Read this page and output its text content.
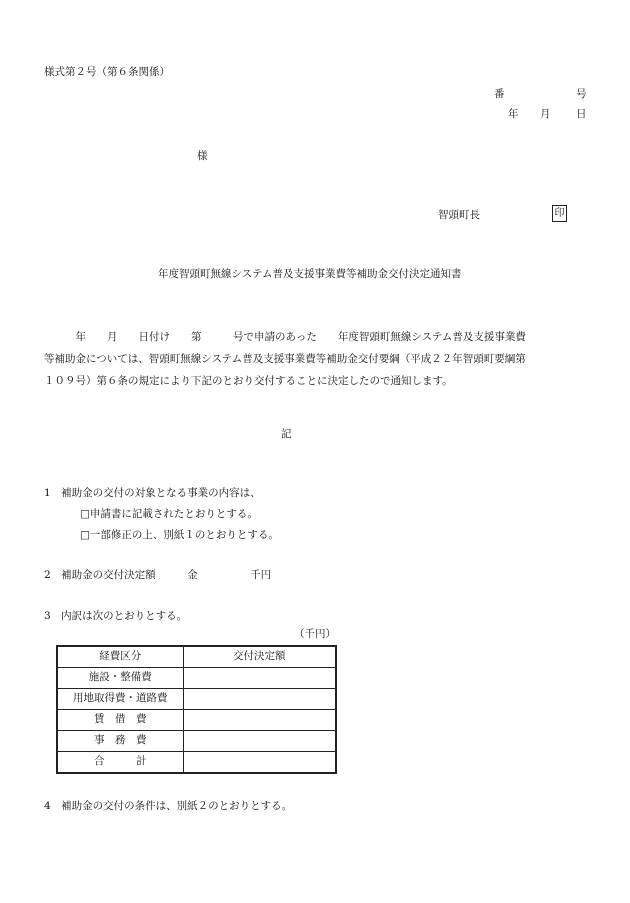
様式第２号（第６条関係）
番	号
年 月 日
様
智頭町長	印
年度智頭町無線システム普及支援事業費等補助金交付決定通知書

　　　年　　月　　日付け　　第　　　号で申請のあった　　年度智頭町無線システム普及支援事業費

等補助金については、智頭町無線システム普及支援事業費等補助金交付要綱（平成２２年智頭町要綱第

１０９号）第６条の規定により下記のとおり交付することに決定したので通知します。

記
1　補助金の交付の対象となる事業の内容は、
□申請書に記載されたとおりとする。
□一部修正の上、別紙１のとおりとする。
2　補助金の交付決定額　　　金　　　　　千円
3　内訳は次のとおりとする。
（千円）
経費区分	交付決定額
施設・整備費	
用地取得費・道路費	
賃　借　費	
事　務　費	
合　　　計	
4　補助金の交付の条件は、別紙２のとおりとする。
